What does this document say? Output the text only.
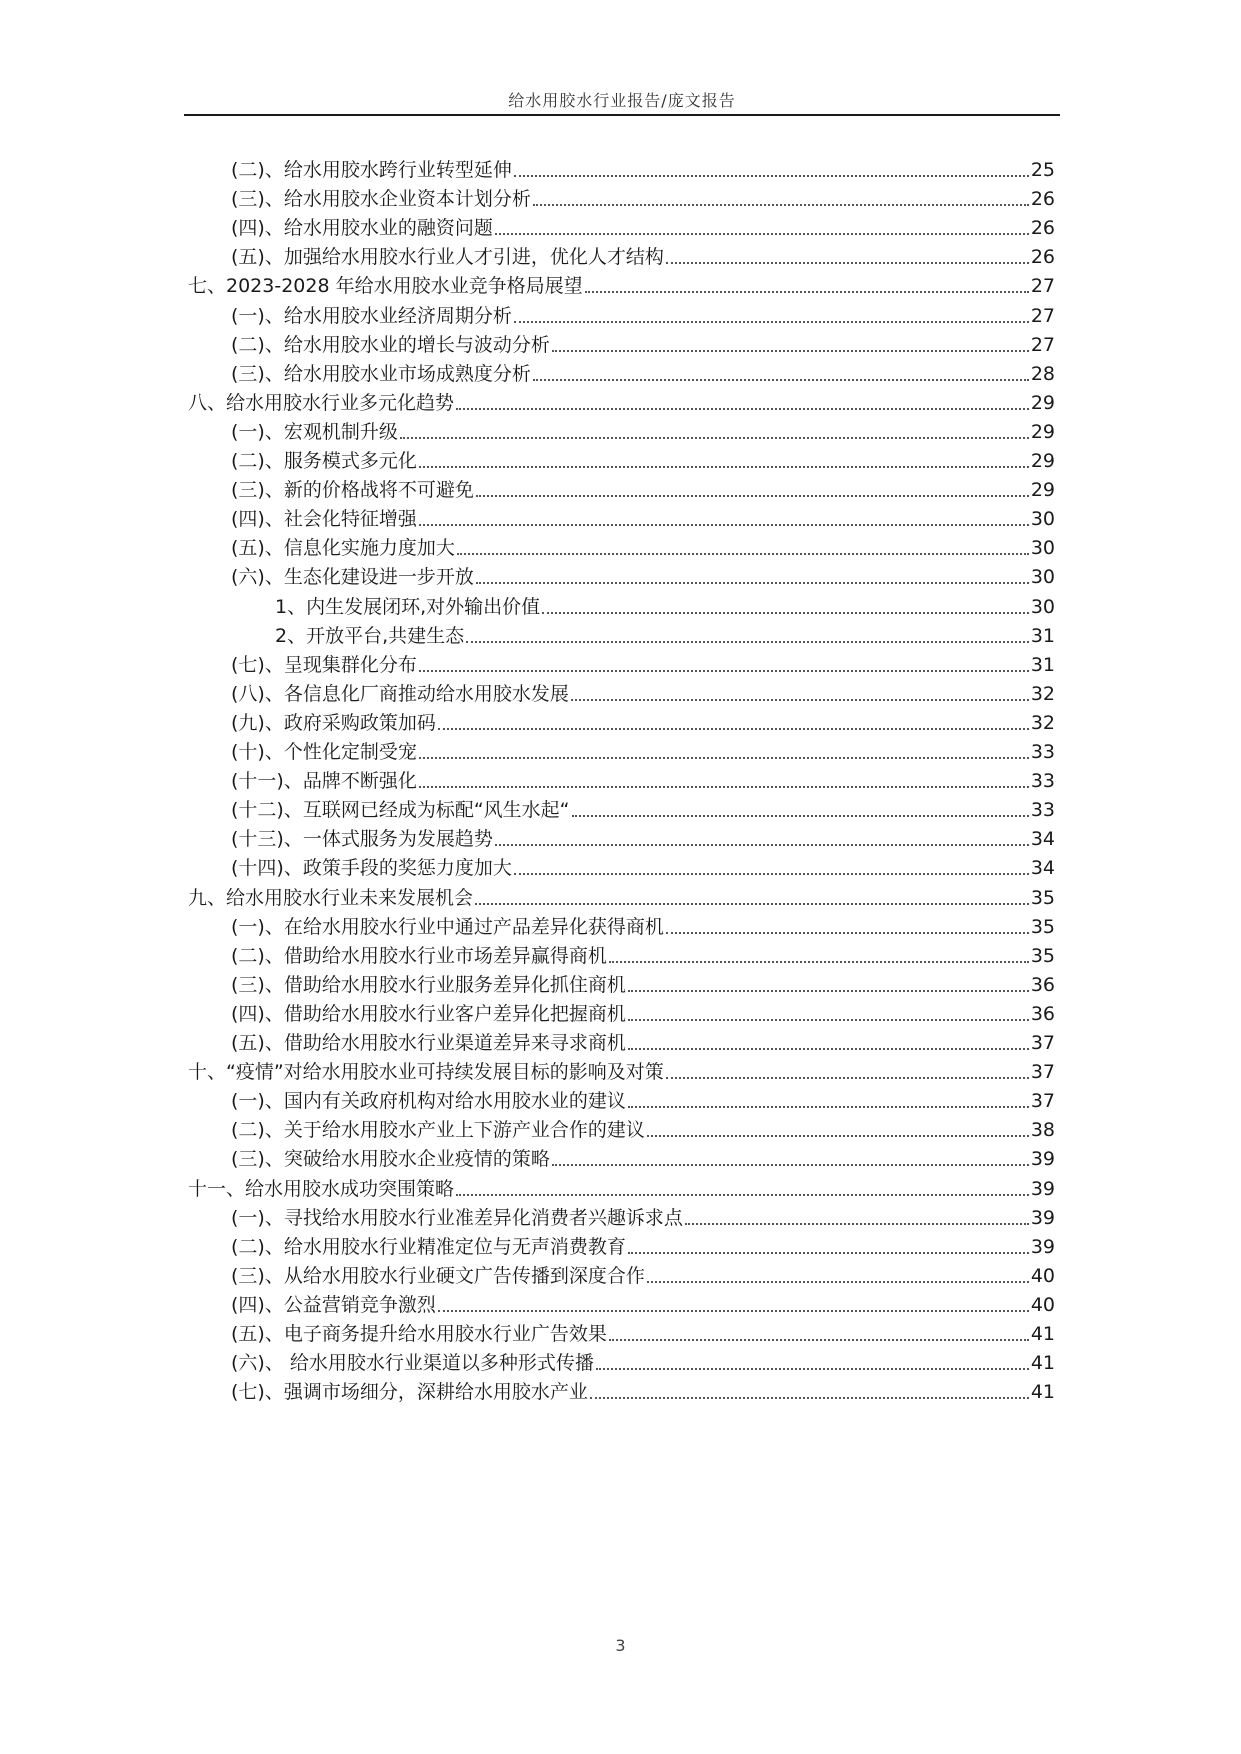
给水用胶水行业报告/庞文报告
(二)、给水用胶水跨行业转型延伸	25
(三)、给水用胶水企业资本计划分析	26
(四)、给水用胶水业的融资问题	26
(五)、加强给水用胶水行业人才引进，优化人才结构	26
七、2023-2028 年给水用胶水业竞争格局展望	27
(一)、给水用胶水业经济周期分析	27
(二)、给水用胶水业的增长与波动分析	27
(三)、给水用胶水业市场成熟度分析	28
八、给水用胶水行业多元化趋势	29
(一)、宏观机制升级	29
(二)、服务模式多元化	29
(三)、新的价格战将不可避免	29
(四)、社会化特征增强	30
(五)、信息化实施力度加大	30
(六)、生态化建设进一步开放	30
1、内生发展闭环,对外输出价值	30
2、开放平台,共建生态	31
(七)、呈现集群化分布	31
(八)、各信息化厂商推动给水用胶水发展	32
(九)、政府采购政策加码	32
(十)、个性化定制受宠	33
(十一)、品牌不断强化	33
(十二)、互联网已经成为标配“风生水起“	33
(十三)、一体式服务为发展趋势	34
(十四)、政策手段的奖惩力度加大	34
九、给水用胶水行业未来发展机会	35
(一)、在给水用胶水行业中通过产品差异化获得商机	35
(二)、借助给水用胶水行业市场差异赢得商机	35
(三)、借助给水用胶水行业服务差异化抓住商机	36
(四)、借助给水用胶水行业客户差异化把握商机	36
(五)、借助给水用胶水行业渠道差异来寻求商机	37
十、“疫情”对给水用胶水业可持续发展目标的影响及对策	37
(一)、国内有关政府机构对给水用胶水业的建议	37
(二)、关于给水用胶水产业上下游产业合作的建议	38
(三)、突破给水用胶水企业疫情的策略	39
十一、给水用胶水成功突围策略	39
(一)、寻找给水用胶水行业准差异化消费者兴趣诉求点	39
(二)、给水用胶水行业精准定位与无声消费教育	39
(三)、从给水用胶水行业硬文广告传播到深度合作	40
(四)、公益营销竞争激烈	40
(五)、电子商务提升给水用胶水行业广告效果	41
(六)、 给水用胶水行业渠道以多种形式传播	41
(七)、强调市场细分，深耕给水用胶水产业	41
3
